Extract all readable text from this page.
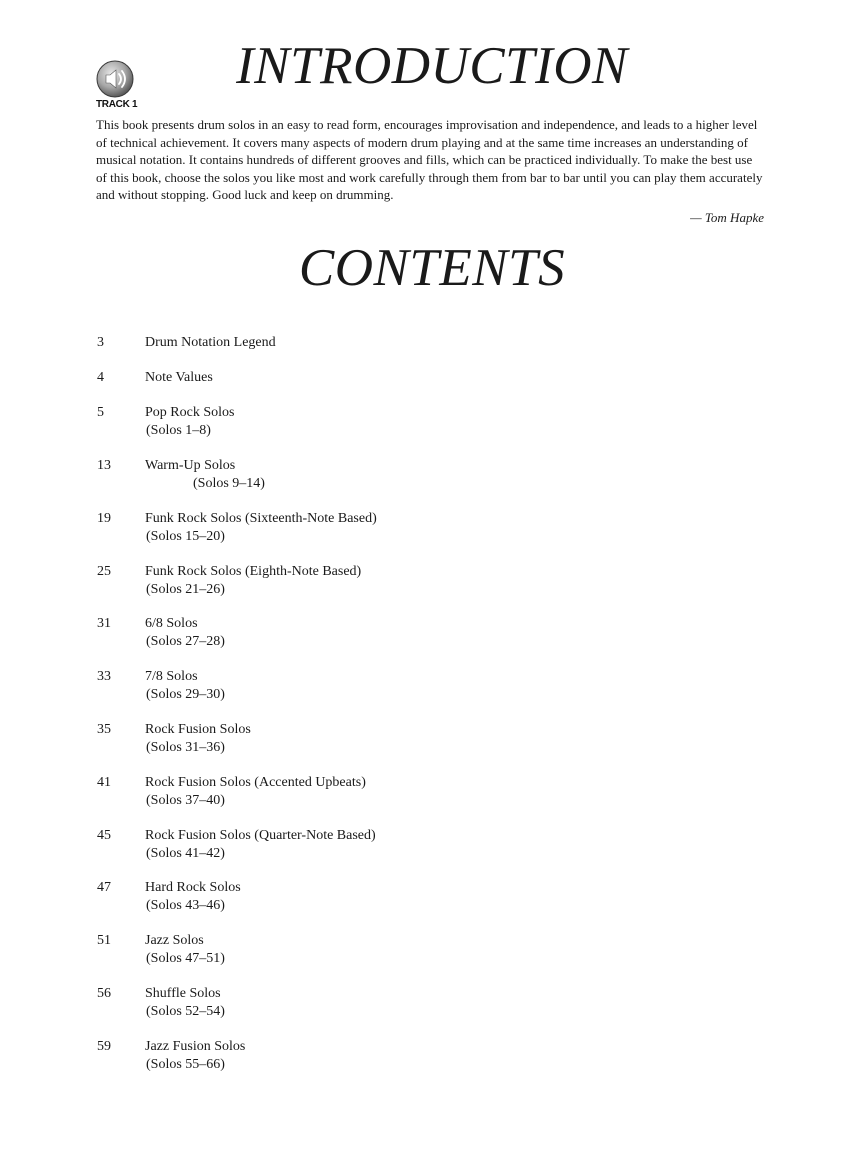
TRACK 1
INTRODUCTION

This book presents drum solos in an easy to read form, encourages improvisation and independence, and leads to a higher level of technical achievement. It covers many aspects of modern drum playing and at the same time increases an understanding of musical notation. It contains hundreds of different grooves and fills, which can be practiced individually. To make the best use of this book, choose the solos you like most and work carefully through them from bar to bar until you can play them accurately and without stopping. Good luck and keep on drumming.

— Tom Hapke

CONTENTS
3	Drum Notation Legend
4	Note Values
5	Pop Rock Solos
(Solos 1–8)
13 Warm-Up Solos
(Solos 9–14)
19 Funk Rock Solos (Sixteenth-Note Based)
(Solos 15–20)
25 Funk Rock Solos (Eighth-Note Based)
(Solos 21–26)
31 6/8 Solos
(Solos 27–28)
33 7/8 Solos
(Solos 29–30)
35 Rock Fusion Solos
(Solos 31–36)
41 Rock Fusion Solos (Accented Upbeats)
(Solos 37–40)
45 Rock Fusion Solos (Quarter-Note Based)
(Solos 41–42)
47 Hard Rock Solos
(Solos 43–46)
51 Jazz Solos
(Solos 47–51)
56 Shuffle Solos
(Solos 52–54)
59 Jazz Fusion Solos
(Solos 55–66)
